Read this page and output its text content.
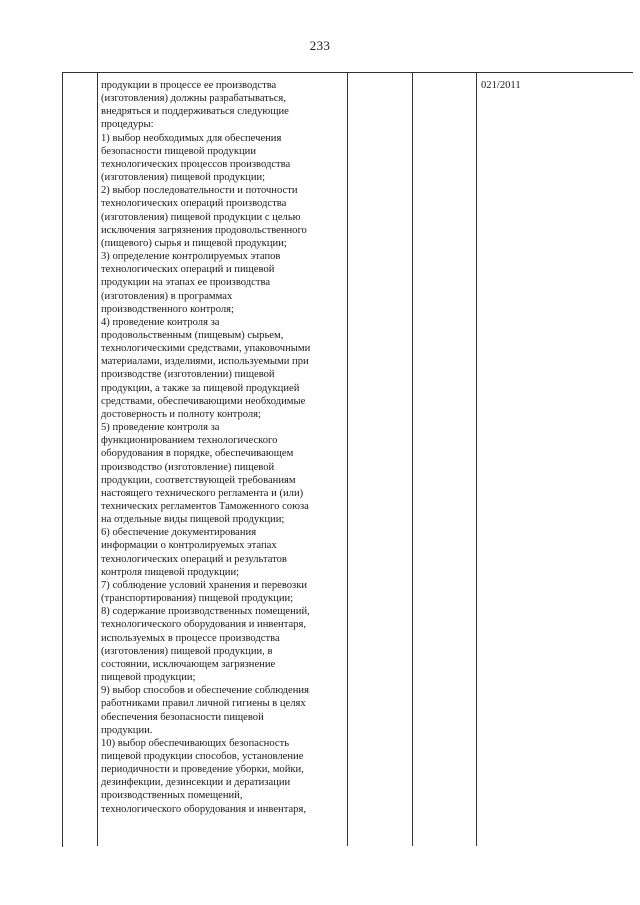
233
продукции в процессе ее производства
(изготовления) должны разрабатываться,
внедряться и поддерживаться следующие
процедуры:
1) выбор необходимых для обеспечения
безопасности пищевой продукции
технологических процессов производства
(изготовления) пищевой продукции;
2) выбор последовательности и поточности
технологических операций производства
(изготовления) пищевой продукции с целью
исключения загрязнения продовольственного
(пищевого) сырья и пищевой продукции;
3) определение контролируемых этапов
технологических операций и пищевой
продукции на этапах ее производства
(изготовления) в программах
производственного контроля;
4) проведение контроля за
продовольственным (пищевым) сырьем,
технологическими средствами, упаковочными
материалами, изделиями, используемыми при
производстве (изготовлении) пищевой
продукции, а также за пищевой продукцией
средствами, обеспечивающими необходимые
достоверность и полноту контроля;
5) проведение контроля за
функционированием технологического
оборудования в порядке, обеспечивающем
производство (изготовление) пищевой
продукции, соответствующей требованиям
настоящего технического регламента и (или)
технических регламентов Таможенного союза
на отдельные виды пищевой продукции;
6) обеспечение документирования
информации о контролируемых этапах
технологических операций и результатов
контроля пищевой продукции;
7) соблюдение условий хранения и перевозки
(транспортирования) пищевой продукции;
8) содержание производственных помещений,
технологического оборудования и инвентаря,
используемых в процессе производства
(изготовления) пищевой продукции, в
состоянии, исключающем загрязнение
пищевой продукции;
9) выбор способов и обеспечение соблюдения
работниками правил личной гигиены в целях
обеспечения безопасности пищевой
продукции.
10) выбор обеспечивающих безопасность
пищевой продукции способов, установление
периодичности и проведение уборки, мойки,
дезинфекции, дезинсекции и дератизации
производственных помещений,
технологического оборудования и инвентаря,
021/2011
